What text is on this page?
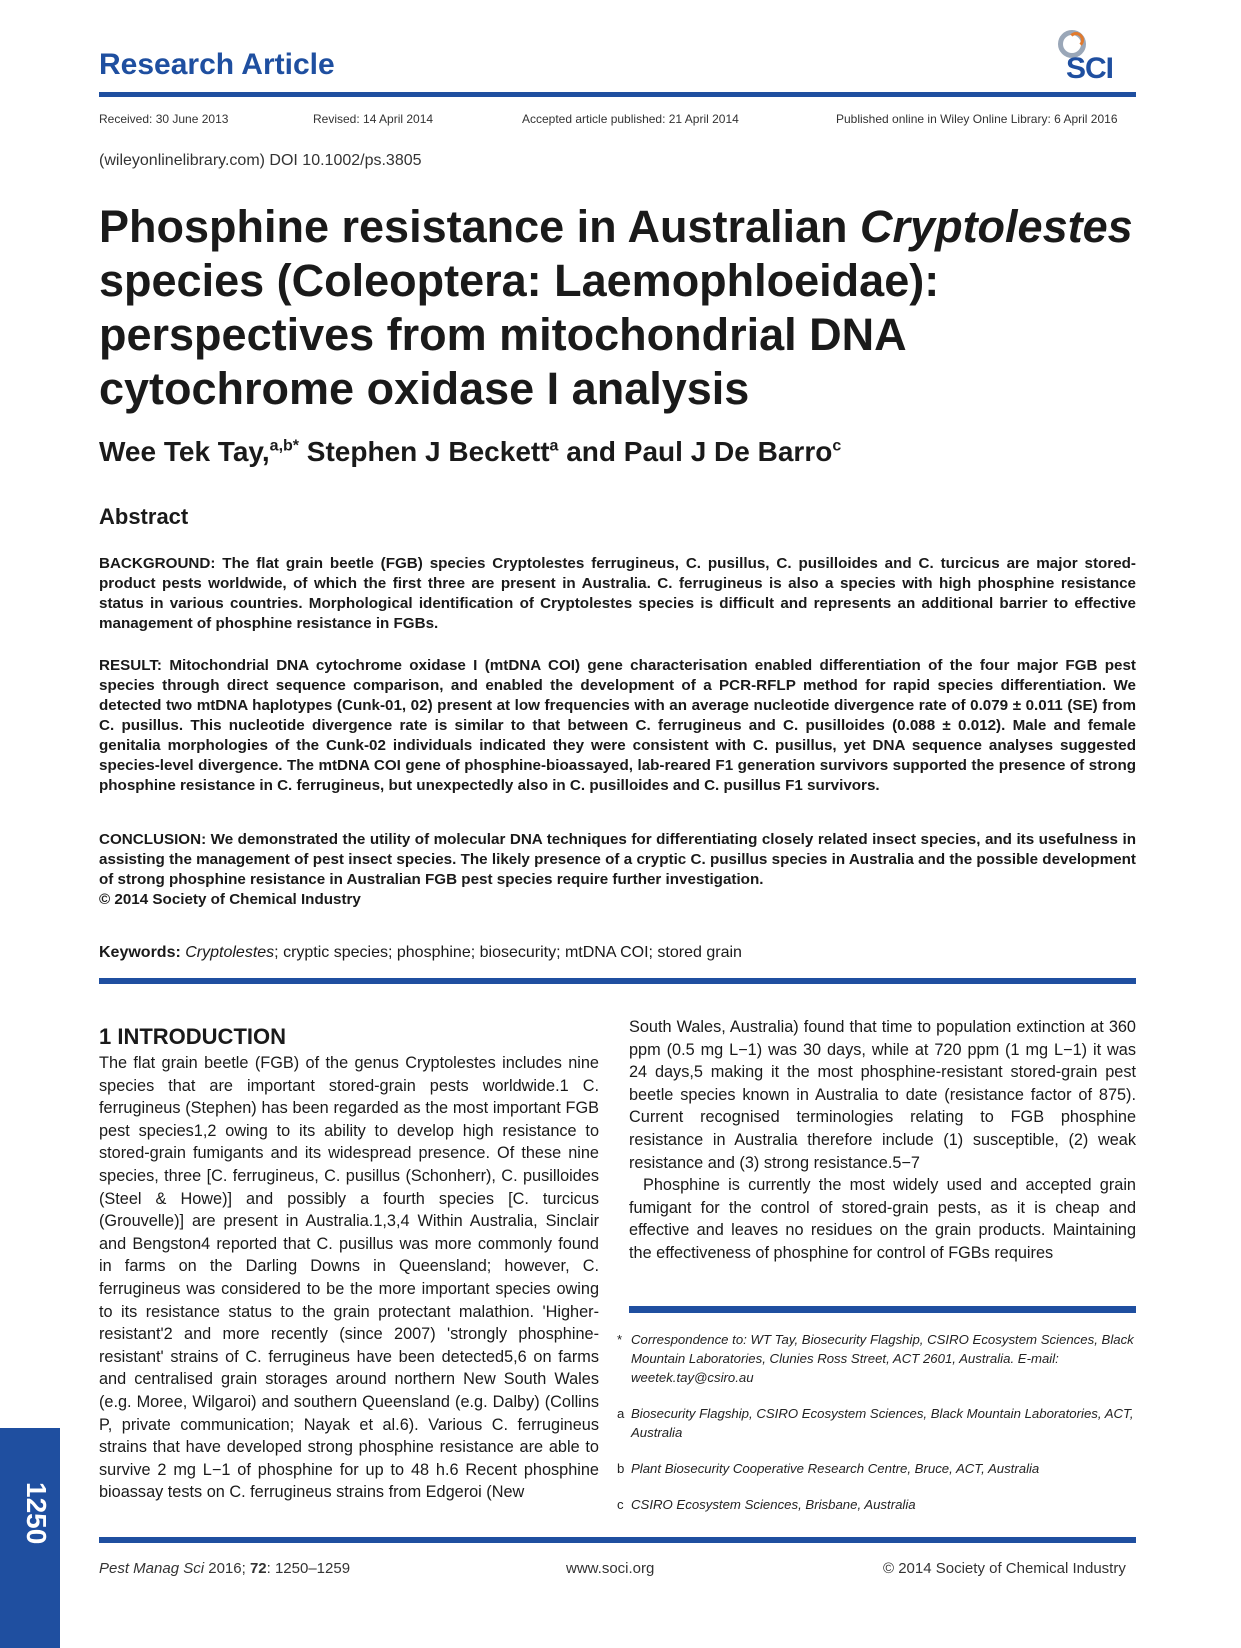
Research Article	SCI
Received: 30 June 2013	Revised: 14 April 2014	Accepted article published: 21 April 2014	Published online in Wiley Online Library: 6 April 2016
(wileyonlinelibrary.com) DOI 10.1002/ps.3805
Phosphine resistance in Australian Cryptolestes
species (Coleoptera: Laemophloeidae):
perspectives from mitochondrial DNA
cytochrome oxidase I analysis
Wee Tek Tay,$^{a,b*}$ Stephen J Beckett$^a$ and Paul J De Barro$^c$
Abstract

BACKGROUND: The flat grain beetle (FGB) species Cryptolestes ferrugineus, C. pusillus, C. pusilloides and C. turcicus are major stored-product pests worldwide, of which the first three are present in Australia. C. ferrugineus is also a species with high phosphine resistance status in various countries. Morphological identification of Cryptolestes species is difficult and represents an additional barrier to effective management of phosphine resistance in FGBs.

RESULT: Mitochondrial DNA cytochrome oxidase I (mtDNA COI) gene characterisation enabled differentiation of the four major FGB pest species through direct sequence comparison, and enabled the development of a PCR-RFLP method for rapid species differentiation. We detected two mtDNA haplotypes (Cunk-01, 02) present at low frequencies with an average nucleotide divergence rate of 0.079 ± 0.011 (SE) from C. pusillus. This nucleotide divergence rate is similar to that between C. ferrugineus and C. pusilloides (0.088 ± 0.012). Male and female genitalia morphologies of the Cunk-02 individuals indicated they were consistent with C. pusillus, yet DNA sequence analyses suggested species-level divergence. The mtDNA COI gene of phosphine-bioassayed, lab-reared F1 generation survivors supported the presence of strong phosphine resistance in C. ferrugineus, but unexpectedly also in C. pusilloides and C. pusillus F1 survivors.

CONCLUSION: We demonstrated the utility of molecular DNA techniques for differentiating closely related insect species, and its usefulness in assisting the management of pest insect species. The likely presence of a cryptic C. pusillus species in Australia and the possible development of strong phosphine resistance in Australian FGB pest species require further investigation.
© 2014 Society of Chemical Industry

Keywords: Cryptolestes; cryptic species; phosphine; biosecurity; mtDNA COI; stored grain
1 INTRODUCTION

The flat grain beetle (FGB) of the genus Cryptolestes includes nine species that are important stored-grain pests worldwide.1 C. ferrugineus (Stephen) has been regarded as the most important FGB pest species1,2 owing to its ability to develop high resistance to stored-grain fumigants and its widespread presence. Of these nine species, three [C. ferrugineus, C. pusillus (Schonherr), C. pusilloides (Steel & Howe)] and possibly a fourth species [C. turcicus (Grouvelle)] are present in Australia.1,3,4 Within Australia, Sinclair and Bengston4 reported that C. pusillus was more commonly found in farms on the Darling Downs in Queensland; however, C. ferrugineus was considered to be the more important species owing to its resistance status to the grain protectant malathion. 'Higher-resistant'2 and more recently (since 2007) 'strongly phosphine-resistant' strains of C. ferrugineus have been detected5,6 on farms and centralised grain storages around northern New South Wales (e.g. Moree, Wilgaroi) and southern Queensland (e.g. Dalby) (Collins P, private communication; Nayak et al.6). Various C. ferrugineus strains that have developed strong phosphine resistance are able to survive 2 mg L−1 of phosphine for up to 48 h.6 Recent phosphine bioassay tests on C. ferrugineus strains from Edgeroi (New

South Wales, Australia) found that time to population extinction at 360 ppm (0.5 mg L−1) was 30 days, while at 720 ppm (1 mg L−1) it was 24 days,5 making it the most phosphine-resistant stored-grain pest beetle species known in Australia to date (resistance factor of 875). Current recognised terminologies relating to FGB phosphine resistance in Australia therefore include (1) susceptible, (2) weak resistance and (3) strong resistance.5−7

Phosphine is currently the most widely used and accepted grain fumigant for the control of stored-grain pests, as it is cheap and effective and leaves no residues on the grain products. Maintaining the effectiveness of phosphine for control of FGBs requires

* Correspondence to: WT Tay, Biosecurity Flagship, CSIRO Ecosystem Sciences, Black Mountain Laboratories, Clunies Ross Street, ACT 2601, Australia. E-mail: weetek.tay@csiro.au
a Biosecurity Flagship, CSIRO Ecosystem Sciences, Black Mountain Laboratories, ACT, Australia
b Plant Biosecurity Cooperative Research Centre, Bruce, ACT, Australia
c CSIRO Ecosystem Sciences, Brisbane, Australia
1250
Pest Manag Sci 2016; 72: 1250–1259	www.soci.org	© 2014 Society of Chemical Industry
